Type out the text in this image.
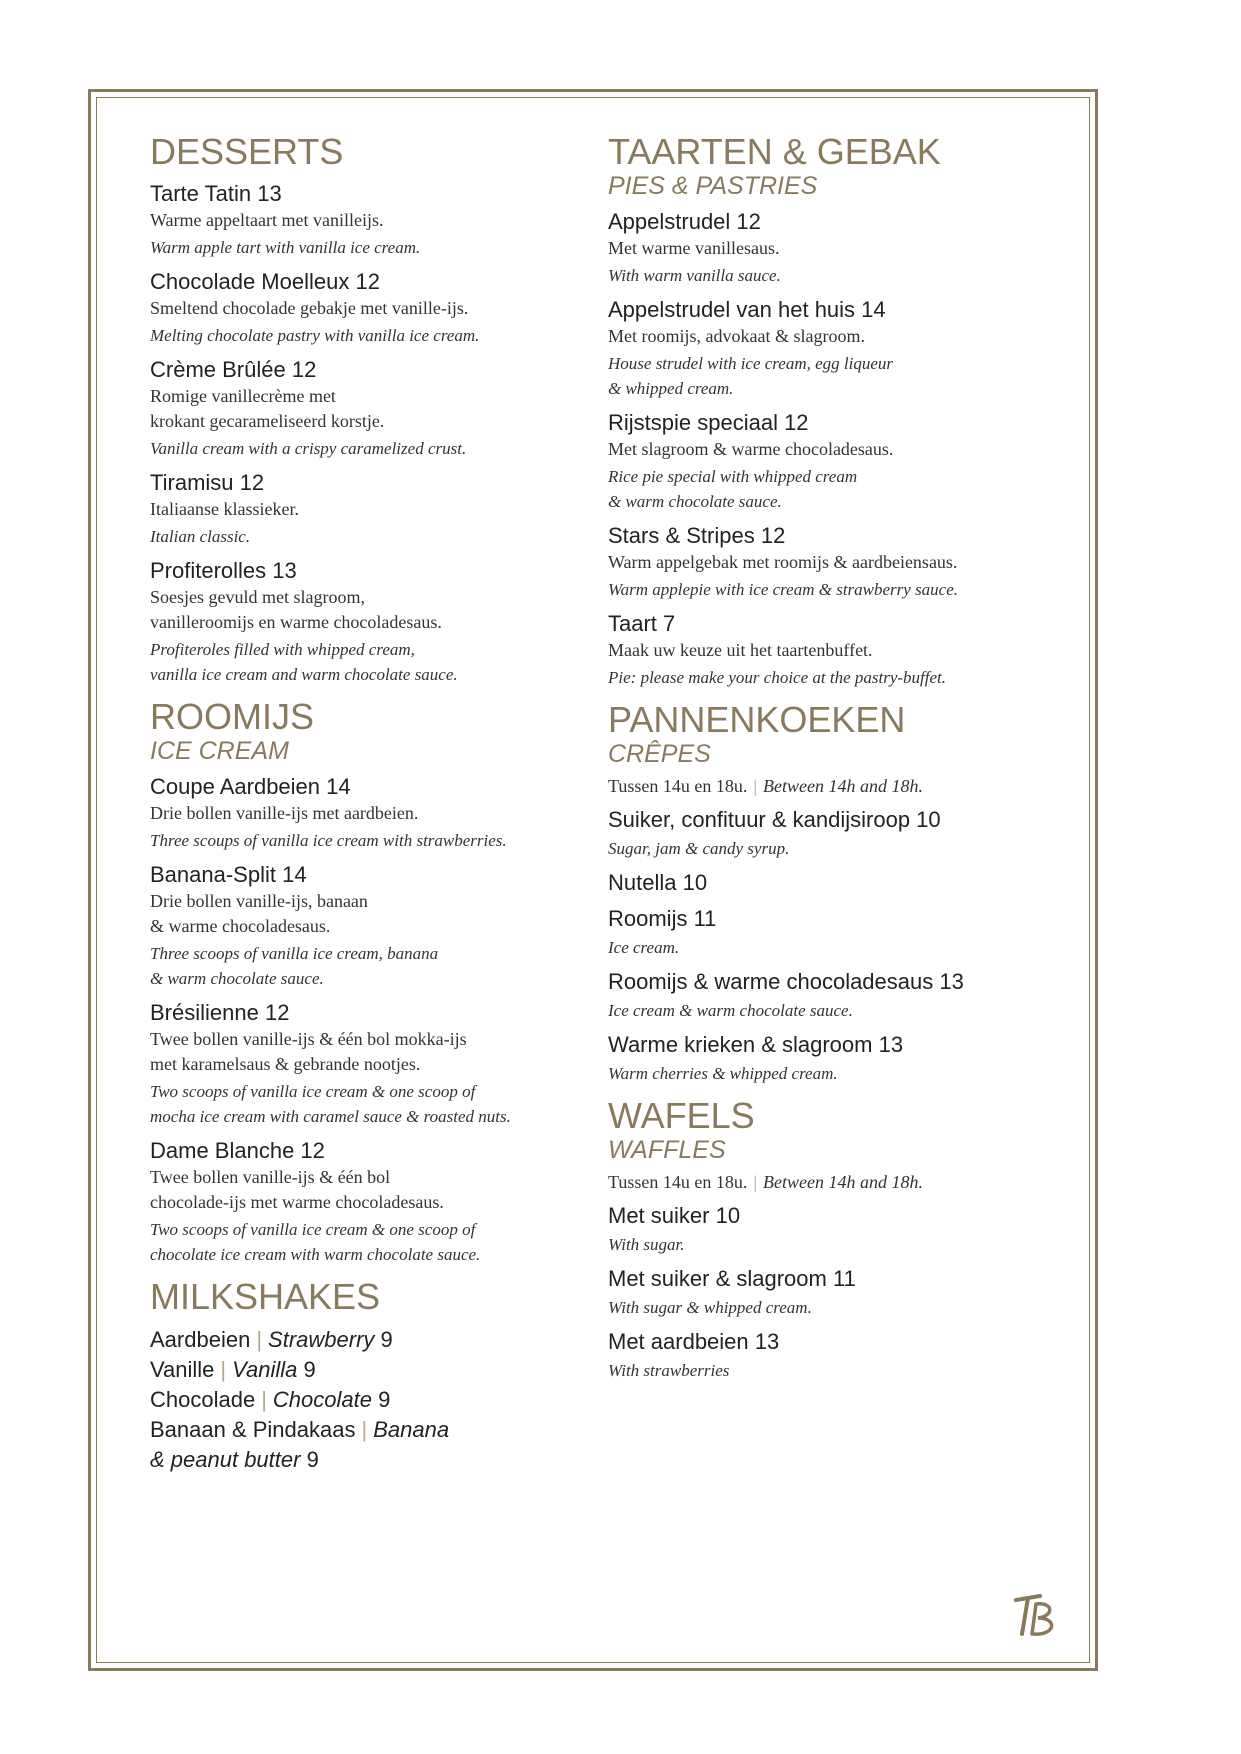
DESSERTS
Tarte Tatin 13
Warme appeltaart met vanilleijs.
Warm apple tart with vanilla ice cream.
Chocolade Moelleux 12
Smeltend chocolade gebakje met vanille-ijs.
Melting chocolate pastry with vanilla ice cream.
Crème Brûlée 12
Romige vanillecrème met
krokant gecarameliseerd korstje.
Vanilla cream with a crispy caramelized crust.
Tiramisu 12
Italiaanse klassieker.
Italian classic.
Profiterolles 13
Soesjes gevuld met slagroom,
vanilleroomijs en warme chocoladesaus.
Profiteroles filled with whipped cream,
vanilla ice cream and warm chocolate sauce.
ROOMIJS
ICE CREAM
Coupe Aardbeien 14
Drie bollen vanille-ijs met aardbeien.
Three scoups of vanilla ice cream with strawberries.
Banana-Split 14
Drie bollen vanille-ijs, banaan
& warme chocoladesaus.
Three scoops of vanilla ice cream, banana
& warm chocolate sauce.
Brésilienne 12
Twee bollen vanille-ijs & één bol mokka-ijs
met karamelsaus & gebrande nootjes.
Two scoops of vanilla ice cream & one scoop of
mocha ice cream with caramel sauce & roasted nuts.
Dame Blanche 12
Twee bollen vanille-ijs & één bol
chocolade-ijs met warme chocoladesaus.
Two scoops of vanilla ice cream & one scoop of
chocolate ice cream with warm chocolate sauce.
MILKSHAKES
Aardbeien | Strawberry 9
Vanille | Vanilla 9
Chocolade | Chocolate 9
Banaan & Pindakaas | Banana
& peanut butter 9
TAARTEN & GEBAK
PIES & PASTRIES
Appelstrudel 12
Met warme vanillesaus.
With warm vanilla sauce.
Appelstrudel van het huis 14
Met roomijs, advokaat & slagroom.
House strudel with ice cream, egg liqueur
& whipped cream.
Rijstspie speciaal 12
Met slagroom & warme chocoladesaus.
Rice pie special with whipped cream
& warm chocolate sauce.
Stars & Stripes 12
Warm appelgebak met roomijs & aardbeiensaus.
Warm applepie with ice cream & strawberry sauce.
Taart 7
Maak uw keuze uit het taartenbuffet.
Pie: please make your choice at the pastry-buffet.
PANNENKOEKEN
CRÊPES
Tussen 14u en 18u. | Between 14h and 18h.
Suiker, confituur & kandijsiroop 10
Sugar, jam & candy syrup.
Nutella 10
Roomijs 11
Ice cream.
Roomijs & warme chocoladesaus 13
Ice cream & warm chocolate sauce.
Warme krieken & slagroom 13
Warm cherries & whipped cream.
WAFELS
WAFFLES
Tussen 14u en 18u. | Between 14h and 18h.
Met suiker 10
With sugar.
Met suiker & slagroom 11
With sugar & whipped cream.
Met aardbeien 13
With strawberries
